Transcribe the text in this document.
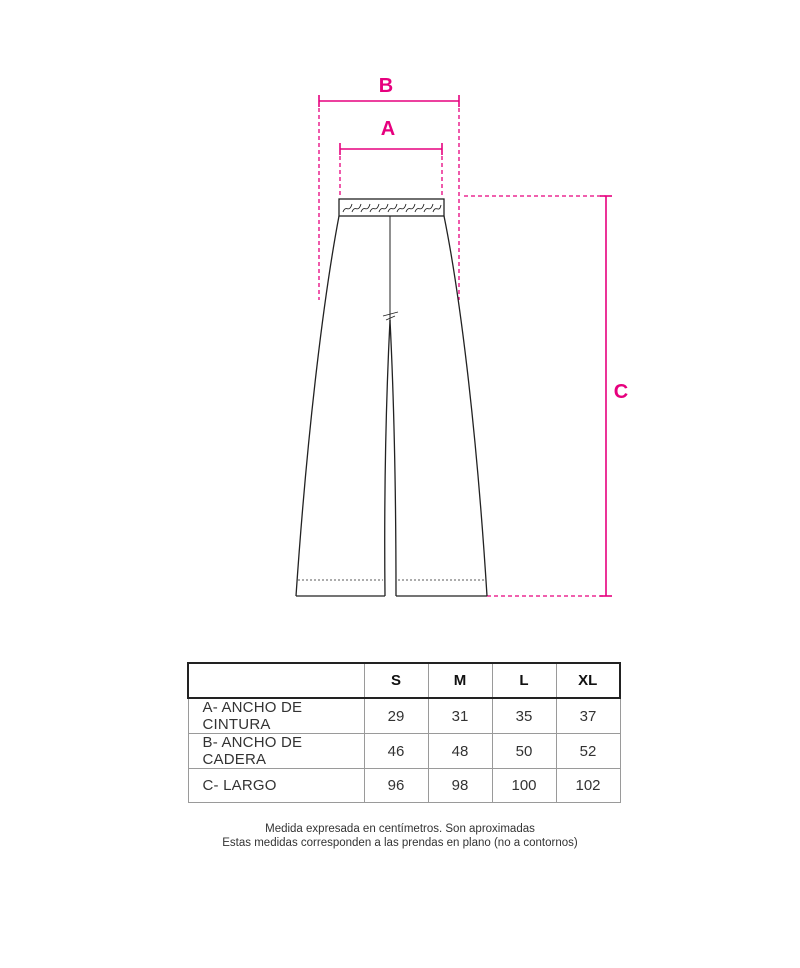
B
A
C
	S	M	L	XL
A- ANCHO DE CINTURA	29	31	35	37
B- ANCHO DE CADERA	46	48	50	52
C- LARGO	96	98	100	102
Medida expresada en centímetros. Son aproximadas
Estas medidas corresponden a las prendas en plano (no a contornos)
